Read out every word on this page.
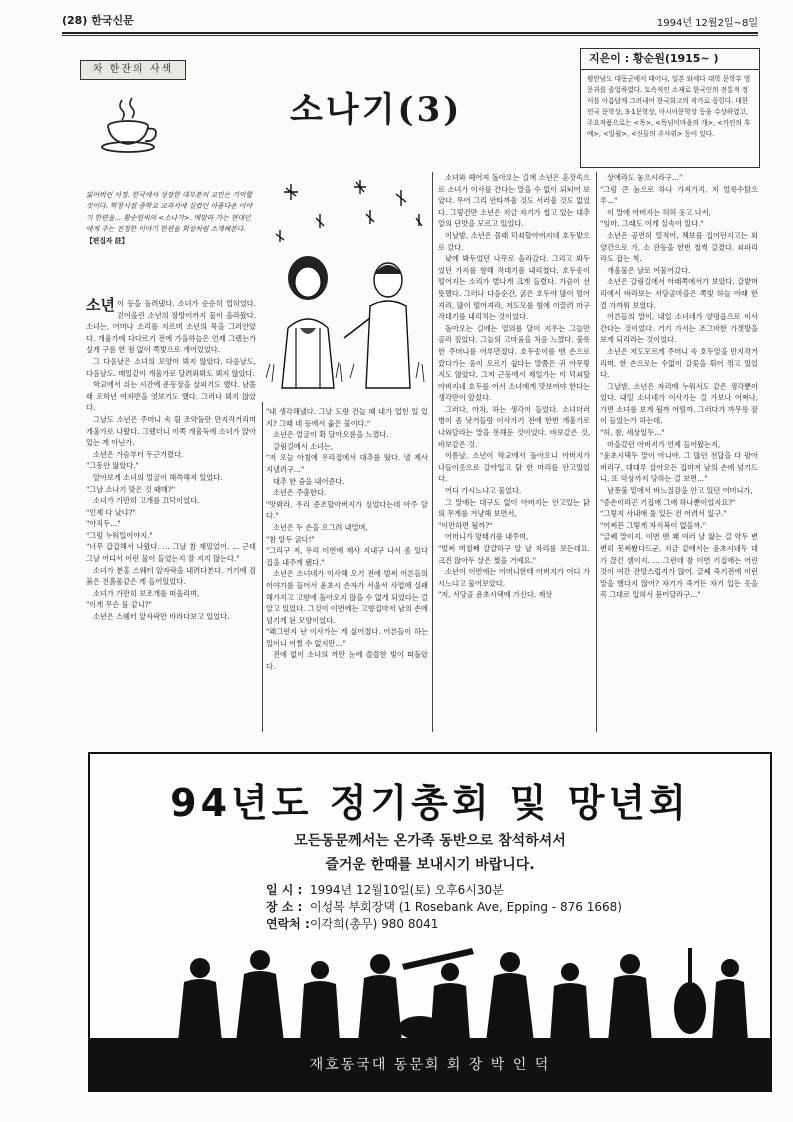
(28) 한국신문	1994년 12월2일~8일
차 한잔의 사색
소나기(3)
지은이 : 황순원(1915~ )
평안남도 대동군에서 태어나, 일본 와세다 대학 문학부 영문과를 졸업하였다. 토속적인 소재로 한국인의 전통적 정서를 아름답게 그려내어 한국화고의 작가로 꼽힌다. 대한민국 문학상, 3·1문학상, 아시아문학상 등을 수상하였고, 주요작품으로는 <목>, <목넘이마을의 개>, <카인의 후예>, <일월>, <신들의 주사위> 등이 있다.
잃어버린 서정. 한국에서 성장한 대부분의 교민은 기억할 것이다. 학창시절 중학교 교과서에 실렸던 아름다운 이야기 한편을… 황순원씨의 <소나기>. 메말라 가는 현대인에게 주는 진정한 이야기 한편을 회상처럼 소개해본다. 【편집자 註】
소년 이 등을 돌려댔다. 소녀가 순순히 업히었다. 걷어올린 소년의 잠방이까지 물이 올라왔다. 소녀는, 어머나 소리를 지르며 소년의 목을 그러안았다. 개울가에 다다르기 전에 가을하늘은 언제 그랬는가 싶게 구름 한 점 없이 쪽빛으로 개어있었다.

그 다음날은 소녀의 모양이 뵈지 않았다. 다음날도, 다음날도. 매일같이 개울가로 달려와봐도 뵈지 않았다.

학교에서 쉬는 시간에 운동장을 살피기도 했다. 남몰래 오학년 여자반을 엿보기도 했다. 그러나 뵈지 않았다.

그날도 소년은 주머니 속 흰 조약돌만 만지작거리며 개울가로 나왔다. 그랬더니 이쪽 개울둑에 소녀가 앉아있는 게 아닌가.

소년은 가슴부터 두근거렸다.

"그동안 앓았다."

알아보게 소녀의 얼굴이 해쓱해져 있었다.

"그날 소나기 맞은 것 때매?"

소녀가 가만히 고개를 끄덕이었다.

"인제 다 났냐?"

"아직두…"

"그럼 누워있어야지."

"너무 갑갑해서 나왔다. … 그날 참 재밌었어. … 근데 그날 어디서 이런 물이 들었는지 잘 지지 않는다."

소녀가 분홍 스웨터 앞자락을 내려다본다. 거기에 검붉은 진흙물같은 게 들어있었다.

소녀가 가만히 보조개를 떠올리며,

"이게 무슨 물 같니?"

소년은 스웨터 앞자락만 바라다보고 있었다.

"내 생각해냈다. 그날 도랑 건늘 때 내가 업힌 일 있지? 그때 네 등에서 옮은 물이다."

소년은 얼굴이 확 달아오름을 느꼈다.

갈림길에서 소녀는,

"저 오늘 아침에 우리집에서 대추를 땄다. 낼 제사 지낼려구…"

대추 한 줌을 내어준다.

소년은 주춤한다.

"맛봐라, 우리 증조할아버지가 심었다는데 아주 달다."

소년은 두 손을 오그려 내밀며,

"참 알두 굵다!"

"그리구 저, 우리 이번에 제사 지내구 나서 좀 있다 집을 내주게 됐다."

소년은 소녀네가 이사해 오기 전에 벌써 어른들의 이야기를 들어서 윤초시 손자가 서울서 사업에 실패해가지고 고향에 돌아오지 않을 수 없게 되었다는 걸 알고 있었다. 그것이 이번에는 고향집마저 남의 손에 넘기게 된 모양이었다.

"왜그런지 난 이사가는 게 싫어졌다. 어른들이 하는 일이니 어쩔 수 없지만…"

전에 없이 소녀의 까만 눈에 쓸쓸한 빛이 떠돌았다.

소녀와 헤어져 돌아오는 길에 소년은 혼잣속으로 소녀가 이사를 간다는 말을 수 없이 되뇌어 보았다. 무어 그리 안타까울 것도 서러울 것도 없었다. 그렇건만 소년은 지금 자기가 씹고 있는 대추알의 단맛을 모르고 있었다.

이날밤, 소년은 몰래 덕쇠할아버지네 호두밭으로 갔다.

낮에 봐두었던 나무로 올라갔다. 그리고 봐두었던 가지를 향해 작대기를 내리쳤다. 호두송이 떨어지는 소리가 별나게 크게 들렸다. 가슴이 선뜻했다. 그러나 다음순간, 굵은 호두야 많이 떨어져라, 많이 떨어져라, 저도모를 힘에 이끌려 마구 작대기를 내리치는 것이었다.

돌아오는 길에는 열의를 달이 지우는 그늘만 골라 짚었다. 그늘의 고마움을 처음 느꼈다. 불룩한 주머니를 어루만졌다. 호두송이를 맨 손으로 깠다가는 옴이 오르기 쉽다는 말쯤은 귀 아무렇지도 않았다. 그저 근동에서 제일가는 이 덕쇠할아버지네 호두를 어서 소녀에게 맛보여야 한다는 생각만이 앞섰다.

그러다, 아차, 하는 생각이 들었다. 소녀더러 병이 좀 낫거들랑 이사가기 전에 한번 개울가로 나와달라는 말을 못해둔 것이었다. 바보같은 것, 바보같은 것.

이튿날, 소년이 학교에서 돌아오니 아버지가 나들이옷으로 갈아입고 닭 한 마리를 안고있었다.

어디 가시느냐고 물었다.

그 말에는 대구도 없이 아버지는 안고있는 닭의 무게를 겨냥해 보면서,

"이만하면 될까?"

어머니가 망태기를 내주며,

"벌써 며칠째 걀걀하구 알 날 자리를 보든데요. 크진 않아두 살은 쪘을 거예요."

소년이 이번에는 어머니한테 아버지가 어디 가시느냐고 물어보았다.

"저, 서당골 윤초시댁에 가신다. 제삿

상에라도 놓으시라구…"

"그럼 큰 놈으로 하나 가져가지, 저 얼룩수탉으루…"

이 말에 아버지는 허허 웃고 나서,

"임마, 그래도 이게 실속이 있다."

소년은 공연히 열적어, 책보를 집어던지고는 외양간으로 가, 소 잔등을 한번 철썩 갈겼다. 쇠파리라도 잡는 척.

개울물은 날로 여물어갔다.

소년은 갈림길에서 아래쪽에서가 보았다. 갈밭머리에서 바라보는 서당골마을은 쪽빛 하늘 아래 한결 가까워 보였다.

어른들의 말이, 내일 소녀네가 양평읍으로 이사간다는 것이었다. 거기 가서는 조그마한 가겟방을 보게 되리라는 것이었다.

소년은 저도모르게 주머니 속 호두알을 만지작거리며, 한 손으로는 수없이 갈꽃을 휘어 꺾고 있었다.

그날밤, 소년은 자리에 누워서도 같은 생각뿐이었다. 내일 소녀네가 이사가는 걸 가보나 어쩌나, 가면 소녀를 보게 될까 어떨까. 그러다가 까무룩 잠이 들었는가 하는데,

"허, 참, 세상일두…"

마을갔던 아버지가 언제 들어왔는지,

"윤초시댁두 말이 아니야. 그 많던 전답을 다 팔아버리구, 대대루 살아오든 집마저 남의 손에 넘기드니, 또 악상까지 당하는 걸 보면…"

남폿불 밑에서 바느질감을 안고 있던 어머니가,

"증손이라곤 기집애 그애 하나뿐이었지요?"

"그렇지 사내애 둘 있든 건 어려서 잃구."

"어쩌믄 그렇게 자식복이 없을까."

"글쎄 말이지. 이번 앤 꽤 여러 날 앓는 걸 약두 변변히 못써봤다드군, 지금 같애서는 윤초시네두 대가 끊긴 셈이지. … 그런데 참 이번 기집애는 어린 것이 여간 잔망스럽지가 않어. 글쎄 죽기전에 이런 말을 했다지 않어? 자기가 죽거든 자기 입든 옷을 꼭 그대로 입혀서 묻어달라구…"

94년도 정기총회 및 망년회
모든동문께서는 온가족 동반으로 참석하셔서
즐거운 한때를 보내시기 바랍니다.
일 시 : 1994년 12월10일(토) 오후6시30분
장 소 : 이성복 부회장댁 (1 Rosebank Ave, Epping - 876 1668)
연락처 :이각희(총무) 980 8041
재호동국대 동문회 회 장 박 인 덕
